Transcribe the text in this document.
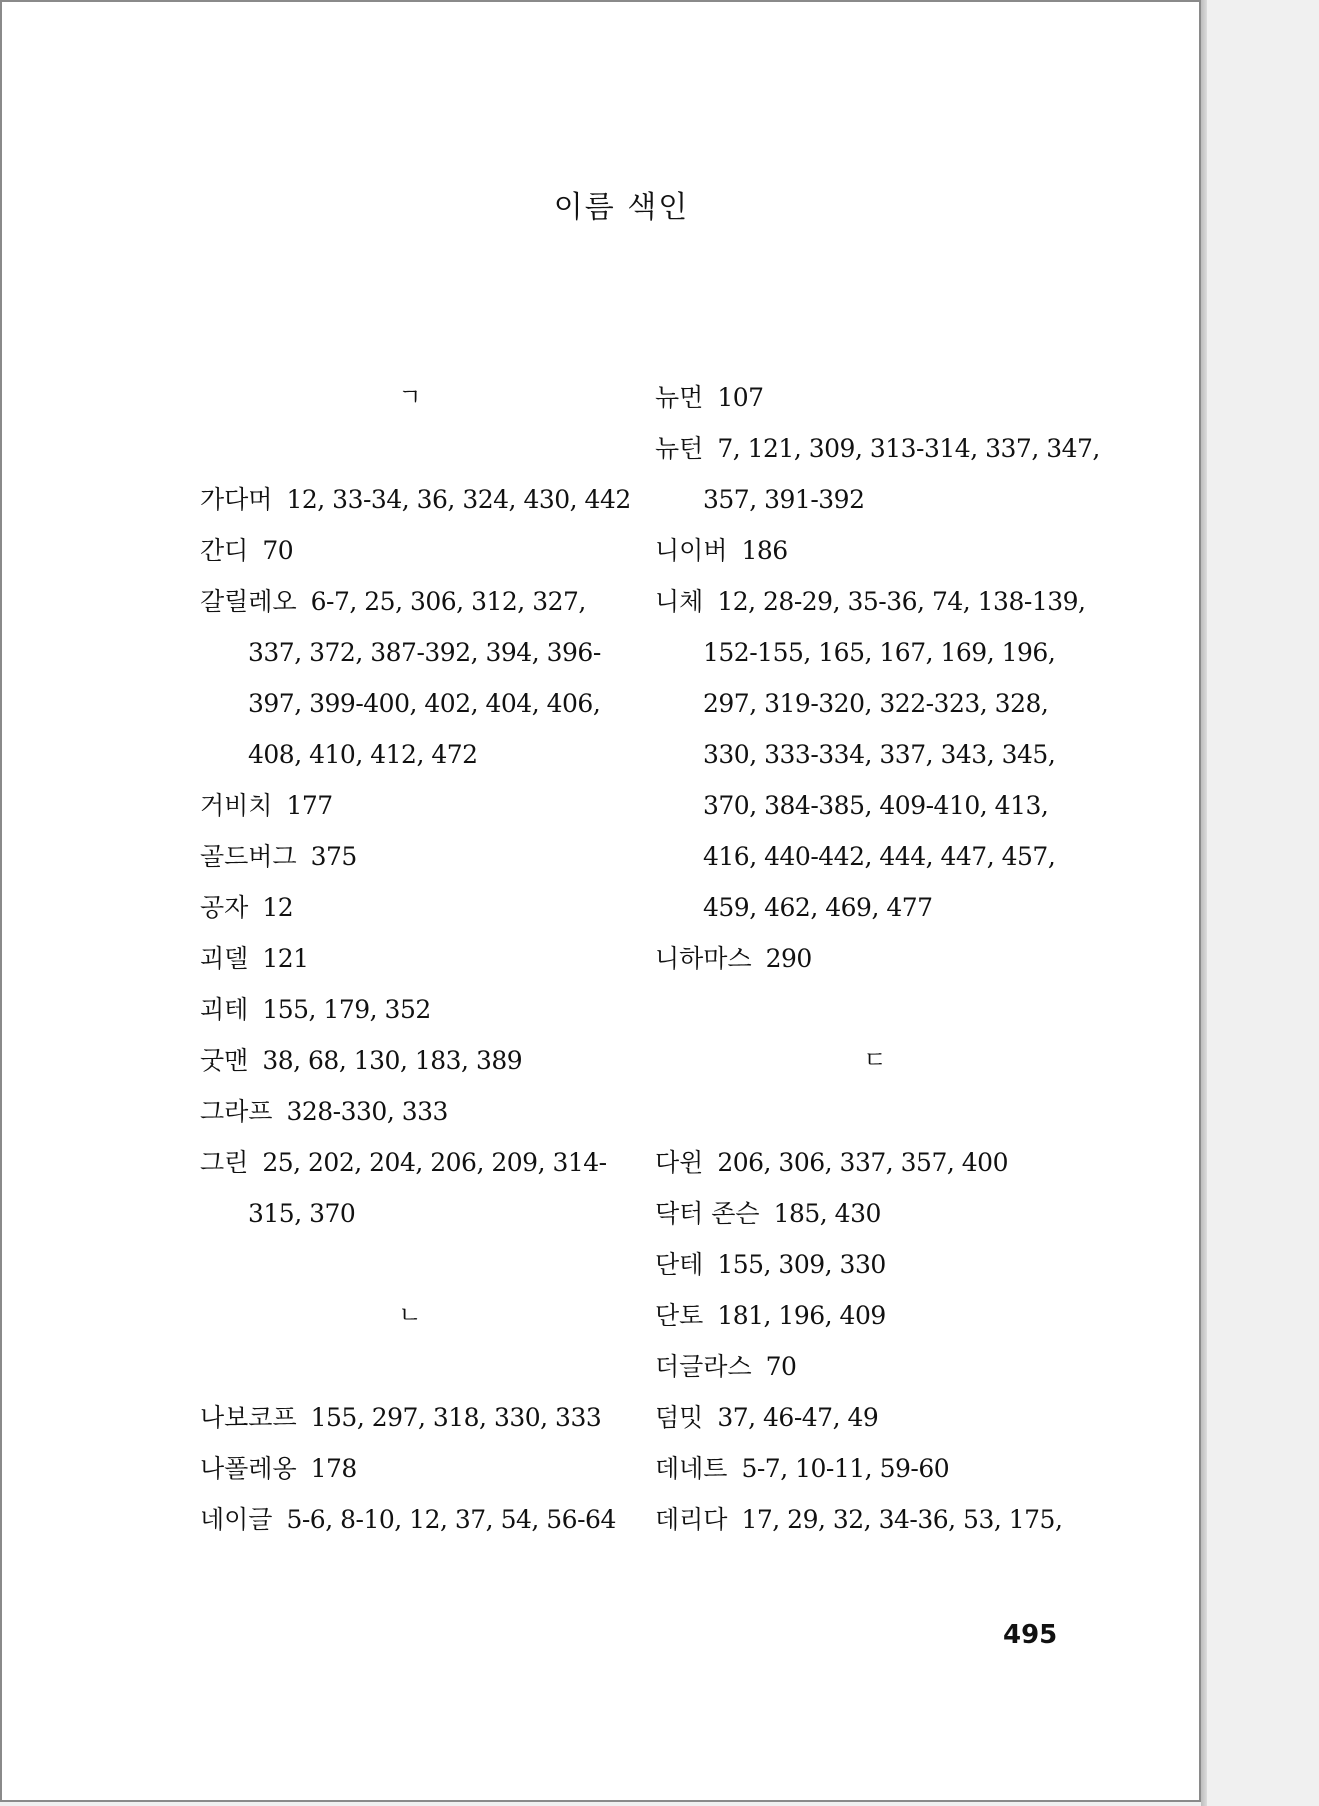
이름 색인
ㄱ
가다머 12, 33-34, 36, 324, 430, 442
간디 70
갈릴레오 6-7, 25, 306, 312, 327,
337, 372, 387-392, 394, 396-
397, 399-400, 402, 404, 406,
408, 410, 412, 472
거비치 177
골드버그 375
공자 12
괴델 121
괴테 155, 179, 352
굿맨 38, 68, 130, 183, 389
그라프 328-330, 333
그린 25, 202, 204, 206, 209, 314-
315, 370
ㄴ
나보코프 155, 297, 318, 330, 333
나폴레옹 178
네이글 5-6, 8-10, 12, 37, 54, 56-64
뉴먼 107
뉴턴 7, 121, 309, 313-314, 337, 347,
357, 391-392
니이버 186
니체 12, 28-29, 35-36, 74, 138-139,
152-155, 165, 167, 169, 196,
297, 319-320, 322-323, 328,
330, 333-334, 337, 343, 345,
370, 384-385, 409-410, 413,
416, 440-442, 444, 447, 457,
459, 462, 469, 477
니하마스 290
ㄷ
다윈 206, 306, 337, 357, 400
닥터 존슨 185, 430
단테 155, 309, 330
단토 181, 196, 409
더글라스 70
덤밋 37, 46-47, 49
데네트 5-7, 10-11, 59-60
데리다 17, 29, 32, 34-36, 53, 175,
495
